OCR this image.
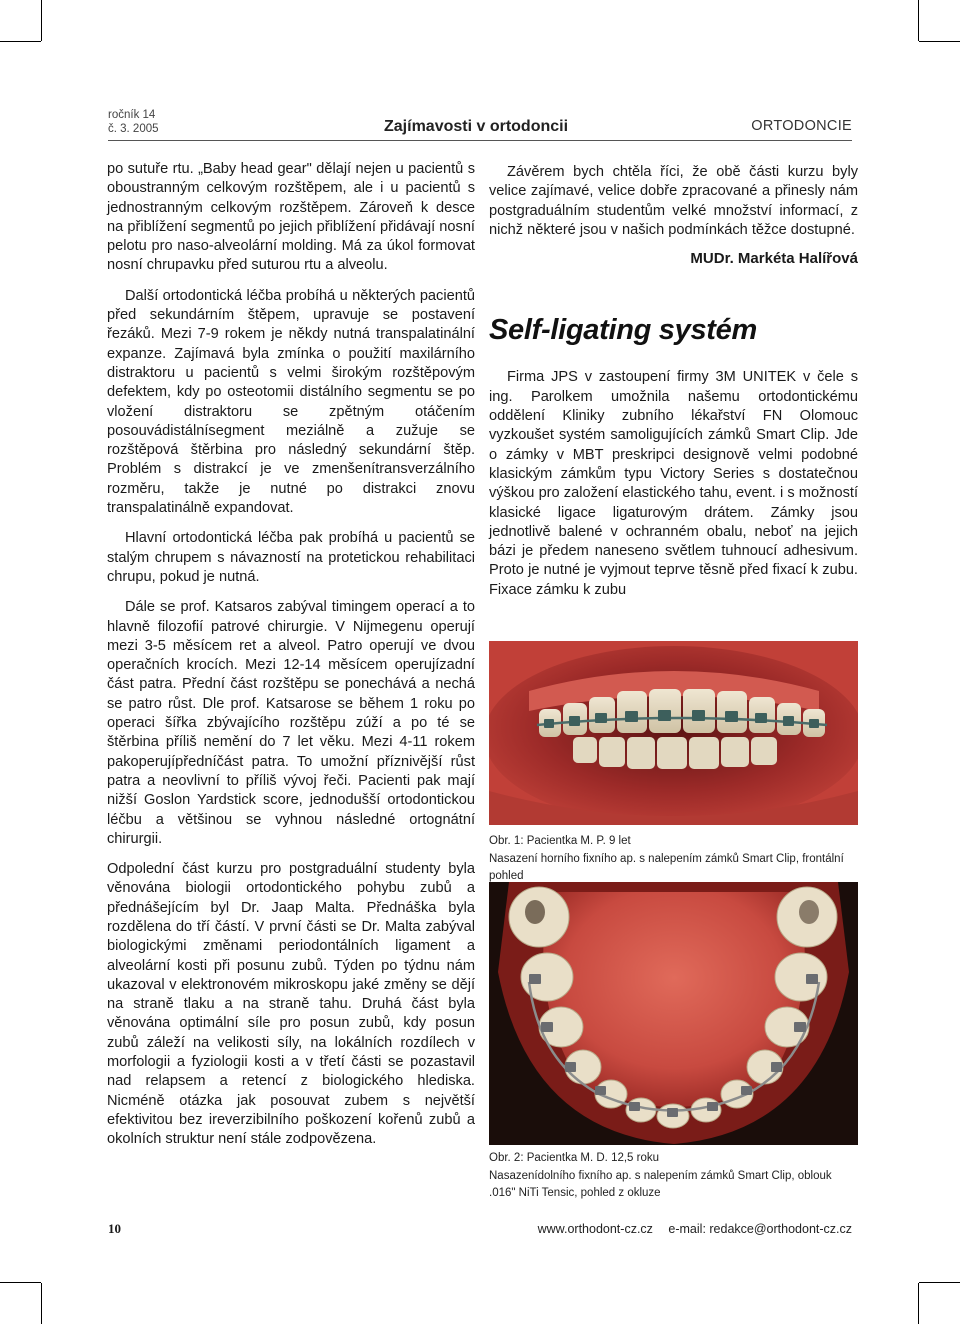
ročník 14
č. 3. 2005	Zajímavosti v ortodoncii	ORTODONCIE

po sutuře rtu. „Baby head gear" dělají nejen u pacientů s oboustranným celkovým rozštěpem, ale i u pacientů s jednostranným celkovým rozštěpem. Zároveň k desce na přiblížení segmentů po jejich přiblížení přidávají nosní pelotu pro naso-alveolární molding. Má za úkol formovat nosní chrupavku před suturou rtu a alveolu.

Další ortodontická léčba probíhá u některých pacientů před sekundárním štěpem, upravuje se postavení řezáků. Mezi 7-9 rokem je někdy nutná transpalatinální expanze. Zajímavá byla zmínka o použití maxilárního distraktoru u pacientů s velmi širokým rozštěpovým defektem, kdy po osteotomii distálního segmentu se po vložení distraktoru se zpětným otáčením posouvádistálnísegment meziálně a zužuje se rozštěpová štěrbina pro následný sekundární štěp. Problém s distrakcí je ve zmenšenítransverzálního rozměru, takže je nutné po distrakci znovu transpalatinálně expandovat.

Hlavní ortodontická léčba pak probíhá u pacientů se stalým chrupem s návazností na protetickou rehabilitaci chrupu, pokud je nutná.

Dále se prof. Katsaros zabýval timingem operací a to hlavně filozofií patrové chirurgie. V Nijmegenu operují mezi 3-5 měsícem ret a alveol. Patro operují ve dvou operačních krocích. Mezi 12-14 měsícem operujízadní část patra. Přední část rozštěpu se ponechává a nechá se patro růst. Dle prof. Katsarose se během 1 roku po operaci šířka zbývajícího rozštěpu zúží a po té se štěrbina příliš nemění do 7 let věku. Mezi 4-11 rokem pakoperujípředníčást patra. To umožní příznivější růst patra a neovlivní to příliš vývoj řeči. Pacienti pak mají nižší Goslon Yardstick score, jednodušší ortodontickou léčbu a většinou se vyhnou následné ortognátní chirurgii.

Odpolední část kurzu pro postgraduální studenty byla věnována biologii ortodontického pohybu zubů a přednášejícím byl Dr. Jaap Malta. Přednáška byla rozdělena do tří částí. V první části se Dr. Malta zabýval biologickými změnami periodontálních ligament a alveolární kosti při posunu zubů. Týden po týdnu nám ukazoval v elektronovém mikroskopu jaké změny se dějí na straně tlaku a na straně tahu. Druhá část byla věnována optimální síle pro posun zubů, kdy posun zubů záleží na velikosti síly, na lokálních rozdílech v morfologii a fyziologii kosti a v třetí části se pozastavil nad relapsem a retencí z biologického hlediska. Nicméně otázka jak posouvat zubem s největší efektivitou bez ireverzibilního poškození kořenů zubů a okolních struktur není stále zodpovězena.

Závěrem bych chtěla říci, že obě části kurzu byly velice zajímavé, velice dobře zpracované a přinesly nám postgraduálním studentům velké množství informací, z nichž některé jsou v našich podmínkách těžce dostupné.

MUDr. Markéta Halířová
Self-ligating systém

Firma JPS v zastoupení firmy 3M UNITEK v čele s ing. Parolkem umožnila našemu ortodontickému oddělení Kliniky zubního lékařství FN Olomouc vyzkoušet systém samoligujících zámků Smart Clip. Jde o zámky v MBT preskripci designově velmi podobné klasickým zámkům typu Victory Series s dostatečnou výškou pro založení elastického tahu, event. i s možností klasické ligace ligaturovým drátem. Zámky jsou jednotlivě balené v ochranném obalu, neboť na jejich bázi je předem naneseno světlem tuhnoucí adhesivum. Proto je nutné je vyjmout teprve těsně před fixací k zubu. Fixace zámku k zubu

Obr. 1: Pacientka M. P. 9 let
Nasazení horního fixního ap. s nalepením zámků Smart Clip, frontální pohled
Obr. 2: Pacientka M. D. 12,5 roku
Nasazenídolního fixního ap. s nalepením zámků Smart Clip, oblouk .016" NiTi Tensic, pohled z okluze
10	www.orthodont-cz.cz e-mail: redakce@orthodont-cz.cz
